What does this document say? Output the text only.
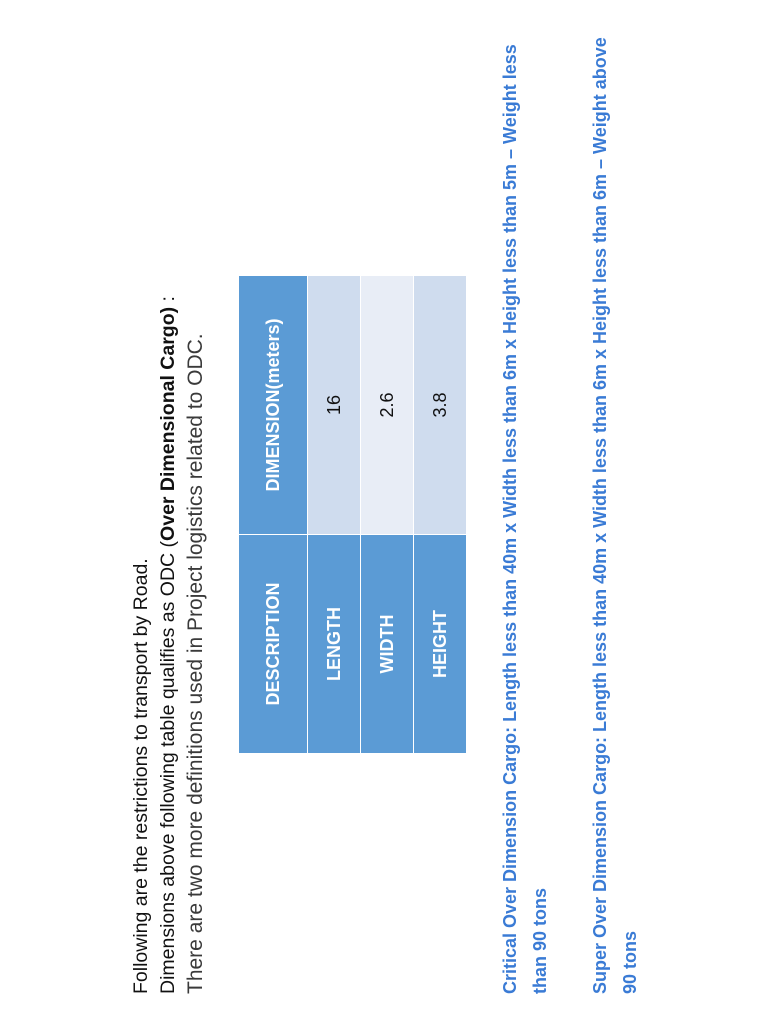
Following are the restrictions to transport by Road. Dimensions above following table qualifies as ODC (Over Dimensional Cargo) :
There are two more definitions used in Project logistics related to ODC.	DESCRIPTION	DIMENSION(meters)
LENGTH	16
WIDTH	2.6
HEIGHT	3.8	Critical Over Dimension Cargo: Length less than 40m x Width less than 6m x Height less than 5m – Weight less than 90 tons Super Over Dimension Cargo: Length less than 40m x Width less than 6m x Height less than 6m – Weight above 90 tons
